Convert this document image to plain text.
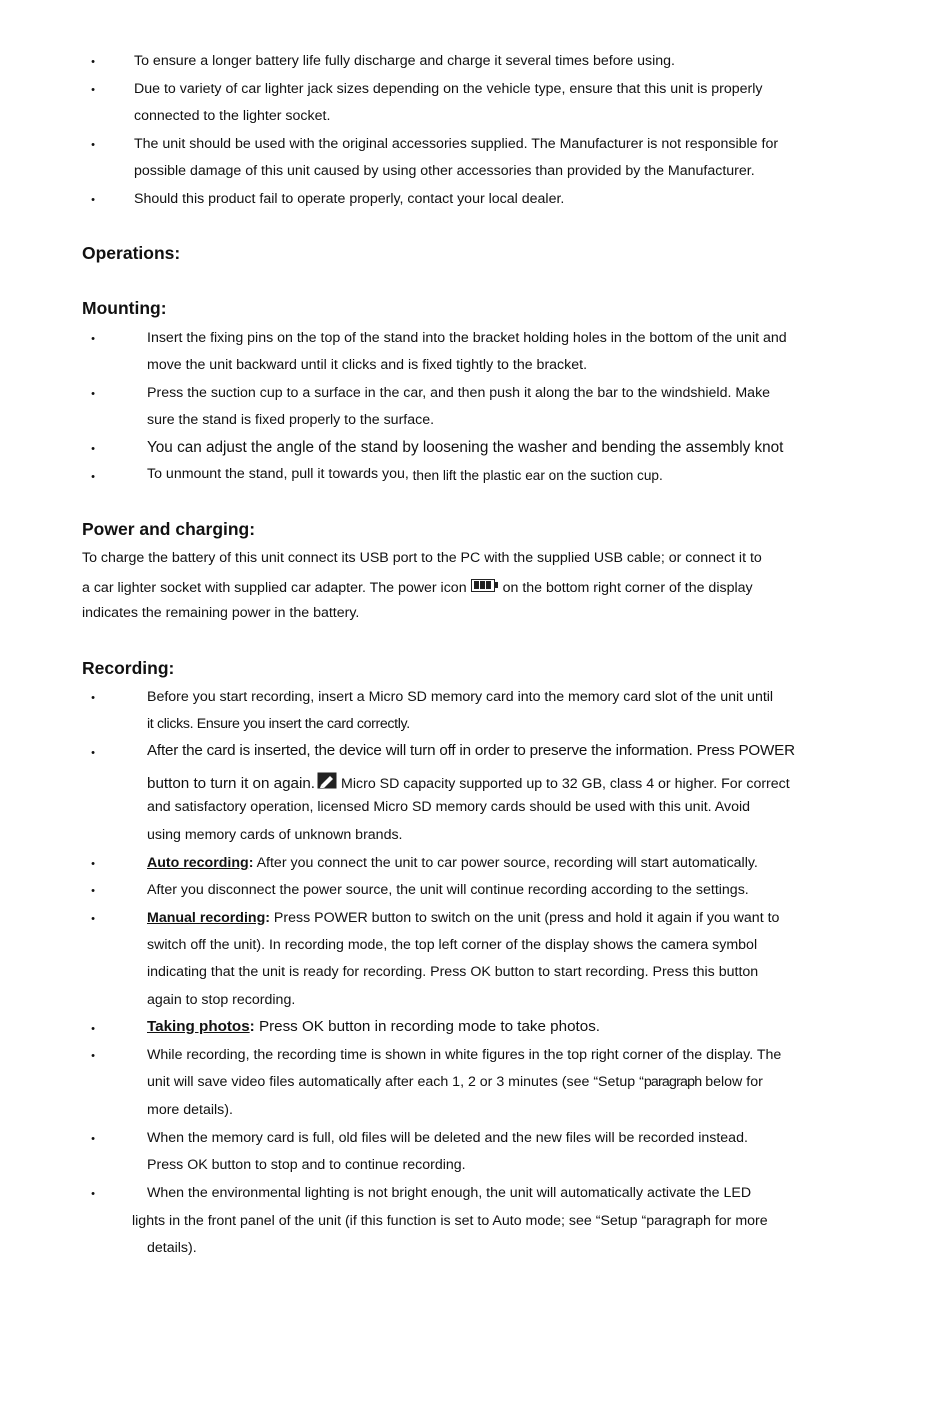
•	To ensure a longer battery life fully discharge and charge it several times before using.
•	Due to variety of car lighter jack sizes depending on the vehicle type, ensure that this unit is properly
connected to the lighter socket.
•	The unit should be used with the original accessories supplied. The Manufacturer is not responsible for
possible damage of this unit caused by using other accessories than provided by the Manufacturer.
•	Should this product fail to operate properly, contact your local dealer.
Operations:
Mounting:
•	Insert the fixing pins on the top of the stand into the bracket holding holes in the bottom of the unit and
move the unit backward until it clicks and is fixed tightly to the bracket.
•	Press the suction cup to a surface in the car, and then push it along the bar to the windshield. Make
sure the stand is fixed properly to the surface.
•	You can adjust the angle of the stand by loosening the washer and bending the assembly knot
•	To unmount the stand, pull it towards you, then lift the plastic ear on the suction cup.
Power and charging:
To charge the battery of this unit connect its USB port to the PC with the supplied USB cable; or connect it to
a car lighter socket with supplied car adapter. The power icon	on the bottom right corner of the display
indicates the remaining power in the battery.
Recording:
•	Before you start recording, insert a Micro SD memory card into the memory card slot of the unit until
it clicks. Ensure you insert the card correctly.
•	After the card is inserted, the device will turn off in order to preserve the information. Press POWER
button to turn it on again. Micro SD capacity supported up to 32 GB, class 4 or higher. For correct
and satisfactory operation, licensed Micro SD memory cards should be used with this unit. Avoid
using memory cards of unknown brands.
•	Auto recording: After you connect the unit to car power source, recording will start automatically.
•	After you disconnect the power source, the unit will continue recording according to the settings.
•	Manual recording: Press POWER button to switch on the unit (press and hold it again if you want to
switch off the unit). In recording mode, the top left corner of the display shows the camera symbol
indicating that the unit is ready for recording. Press OK button to start recording. Press this button
again to stop recording.
•	Taking photos: Press OK button in recording mode to take photos.
•	While recording, the recording time is shown in white figures in the top right corner of the display. The
unit will save video files automatically after each 1, 2 or 3 minutes (see “Setup “paragraph below for
more details).
•	When the memory card is full, old files will be deleted and the new files will be recorded instead.
Press OK button to stop and to continue recording.
•	When the environmental lighting is not bright enough, the unit will automatically activate the LED
lights in the front panel of the unit (if this function is set to Auto mode; see “Setup “paragraph for more
details).
